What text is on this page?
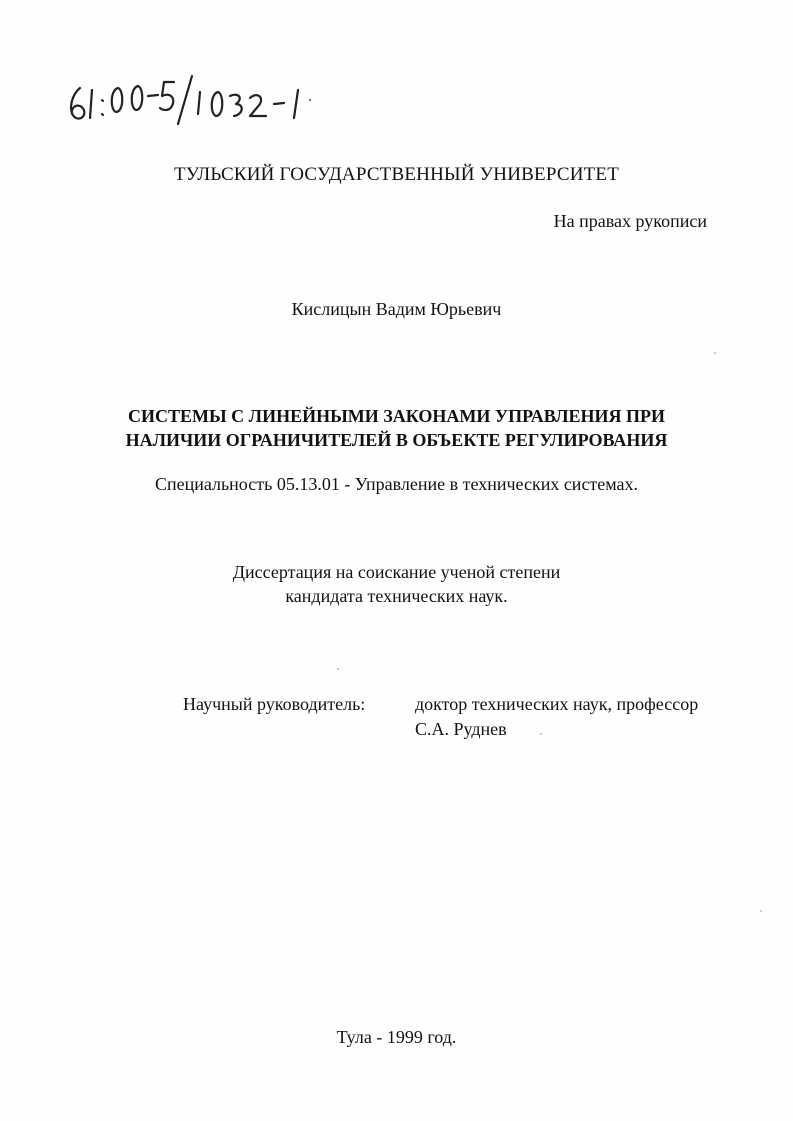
ТУЛЬСКИЙ ГОСУДАРСТВЕННЫЙ УНИВЕРСИТЕТ
На правах рукописи
Кислицын Вадим Юрьевич
СИСТЕМЫ С ЛИНЕЙНЫМИ ЗАКОНАМИ УПРАВЛЕНИЯ ПРИ
НАЛИЧИИ ОГРАНИЧИТЕЛЕЙ В ОБЪЕКТЕ РЕГУЛИРОВАНИЯ
Специальность 05.13.01 - Управление в технических системах.
Диссертация на соискание ученой степени
кандидата технических наук.
Научный руководитель:	доктор технических наук, профессор
С.А. Руднев
Тула - 1999 год.
